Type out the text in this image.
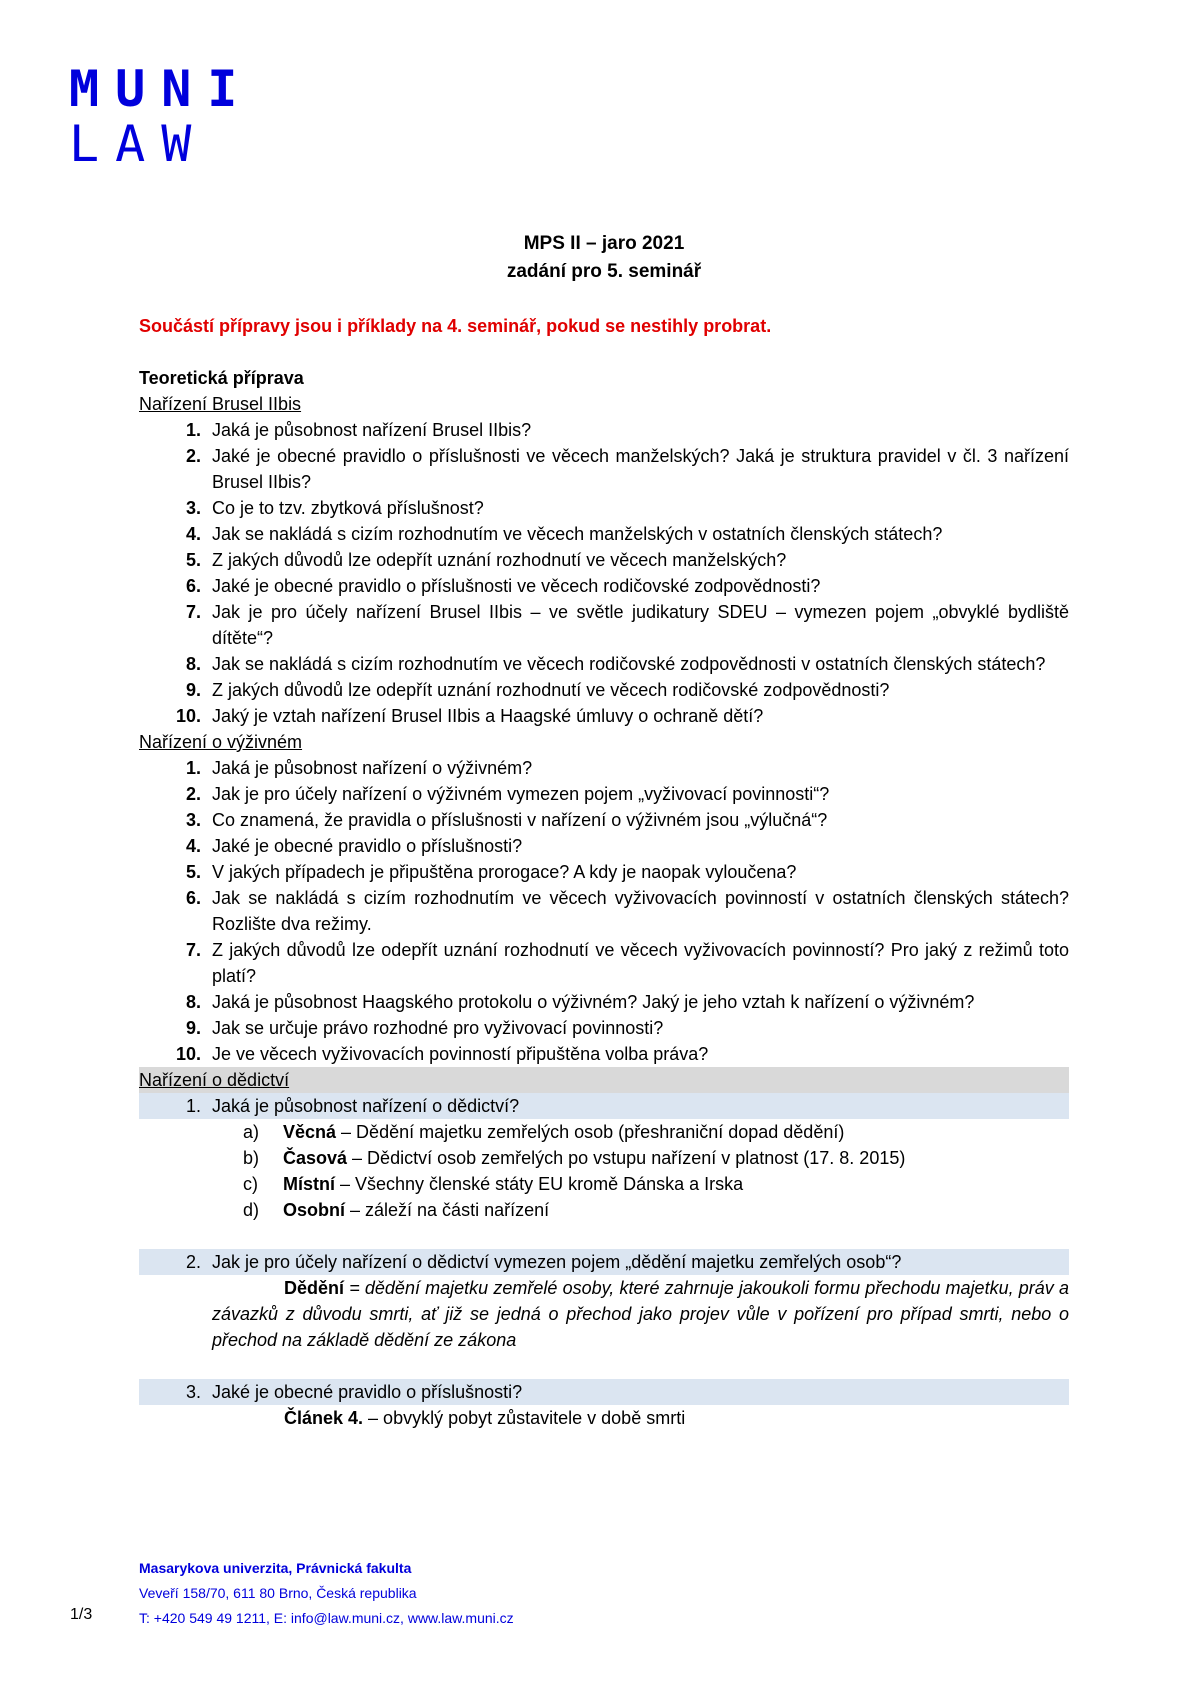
MUNI
LAW
MPS II – jaro 2021
zadání pro 5. seminář
Součástí přípravy jsou i příklady na 4. seminář, pokud se nestihly probrat.
Teoretická příprava
Nařízení Brusel IIbis
1. Jaká je působnost nařízení Brusel IIbis?
2. Jaké je obecné pravidlo o příslušnosti ve věcech manželských? Jaká je struktura pravidel v čl. 3 nařízení Brusel IIbis?
3. Co je to tzv. zbytková příslušnost?
4. Jak se nakládá s cizím rozhodnutím ve věcech manželských v ostatních členských státech?
5. Z jakých důvodů lze odepřít uznání rozhodnutí ve věcech manželských?
6. Jaké je obecné pravidlo o příslušnosti ve věcech rodičovské zodpovědnosti?
7. Jak je pro účely nařízení Brusel IIbis – ve světle judikatury SDEU – vymezen pojem „obvyklé bydliště dítěte“?
8. Jak se nakládá s cizím rozhodnutím ve věcech rodičovské zodpovědnosti v ostatních členských státech?
9. Z jakých důvodů lze odepřít uznání rozhodnutí ve věcech rodičovské zodpovědnosti?
10. Jaký je vztah nařízení Brusel IIbis a Haagské úmluvy o ochraně dětí?
Nařízení o výživném
1. Jaká je působnost nařízení o výživném?
2. Jak je pro účely nařízení o výživném vymezen pojem „vyživovací povinnosti“?
3. Co znamená, že pravidla o příslušnosti v nařízení o výživném jsou „výlučná“?
4. Jaké je obecné pravidlo o příslušnosti?
5. V jakých případech je připuštěna prorogace? A kdy je naopak vyloučena?
6. Jak se nakládá s cizím rozhodnutím ve věcech vyživovacích povinností v ostatních členských státech? Rozlište dva režimy.
7. Z jakých důvodů lze odepřít uznání rozhodnutí ve věcech vyživovacích povinností? Pro jaký z režimů toto platí?
8. Jaká je působnost Haagského protokolu o výživném? Jaký je jeho vztah k nařízení o výživném?
9. Jak se určuje právo rozhodné pro vyživovací povinnosti?
10. Je ve věcech vyživovacích povinností připuštěna volba práva?
Nařízení o dědictví
1. Jaká je působnost nařízení o dědictví?
a)	Věcná – Dědění majetku zemřelých osob (přeshraniční dopad dědění)
b)	Časová – Dědictví osob zemřelých po vstupu nařízení v platnost (17. 8. 2015)
c)	Místní – Všechny členské státy EU kromě Dánska a Irska
d)	Osobní – záleží na části nařízení
2. Jak je pro účely nařízení o dědictví vymezen pojem „dědění majetku zemřelých osob“?
Dědění = dědění majetku zemřelé osoby, které zahrnuje jakoukoli formu přechodu majetku, práv a závazků z důvodu smrti, ať již se jedná o přechod jako projev vůle v pořízení pro případ smrti, nebo o přechod na základě dědění ze zákona
3. Jaké je obecné pravidlo o příslušnosti?
Článek 4. – obvyklý pobyt zůstavitele v době smrti
Masarykova univerzita, Právnická fakulta
Veveří 158/70, 611 80 Brno, Česká republika
T: +420 549 49 1211, E: info@law.muni.cz, www.law.muni.cz
1/3
